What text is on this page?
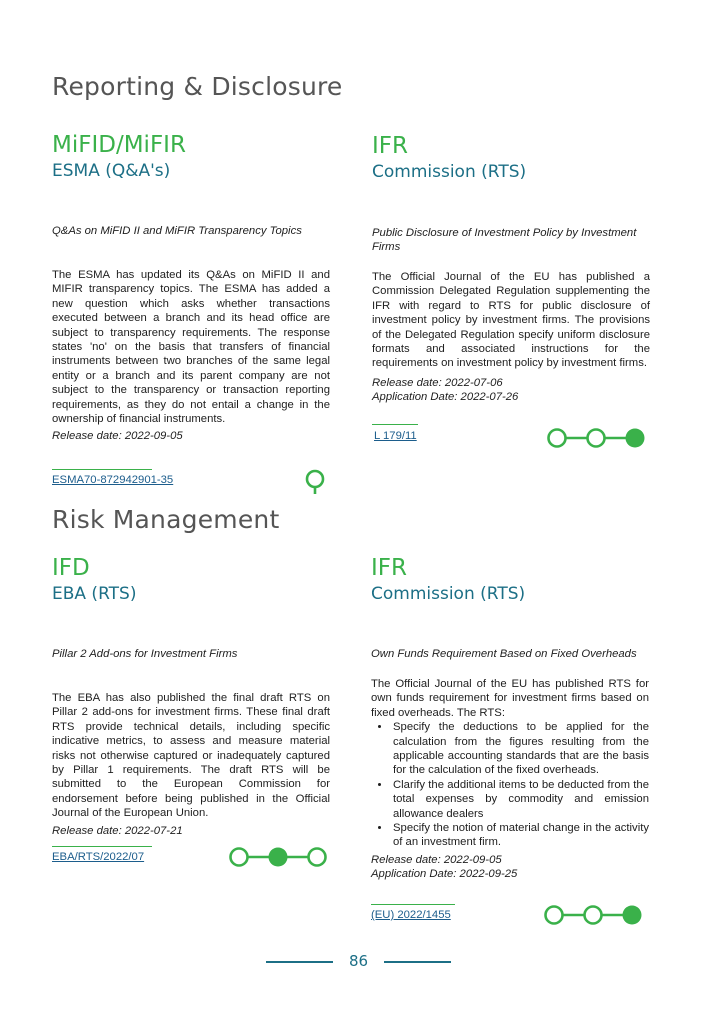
Reporting & Disclosure
MiFID/MiFIR
ESMA (Q&A's)
Q&As on MiFID II and MiFIR Transparency Topics
The ESMA has updated its Q&As on MiFID II and MIFIR transparency topics. The ESMA has added a new question which asks whether transactions executed between a branch and its head office are subject to transparency requirements. The response states 'no' on the basis that transfers of financial instruments between two branches of the same legal entity or a branch and its parent company are not subject to the transparency or transaction reporting requirements, as they do not entail a change in the ownership of financial instruments.
Release date: 2022-09-05
ESMA70-872942901-35
IFR
Commission (RTS)
Public Disclosure of Investment Policy by Investment Firms
The Official Journal of the EU has published a Commission Delegated Regulation supplementing the IFR with regard to RTS for public disclosure of investment policy by investment firms. The provisions of the Delegated Regulation specify uniform disclosure formats and associated instructions for the requirements on investment policy by investment firms.
Release date: 2022-07-06
Application Date: 2022-07-26
L 179/11
Risk Management
IFD
EBA (RTS)
Pillar 2 Add-ons for Investment Firms
The EBA has also published the final draft RTS on Pillar 2 add-ons for investment firms. These final draft RTS provide technical details, including specific indicative metrics, to assess and measure material risks not otherwise captured or inadequately captured by Pillar 1 requirements. The draft RTS will be submitted to the European Commission for endorsement before being published in the Official Journal of the European Union.
Release date: 2022-07-21
EBA/RTS/2022/07
IFR
Commission (RTS)
Own Funds Requirement Based on Fixed Overheads
The Official Journal of the EU has published RTS for own funds requirement for investment firms based on fixed overheads. The RTS:
• Specify the deductions to be applied for the calculation from the figures resulting from the applicable accounting standards that are the basis for the calculation of the fixed overheads.
• Clarify the additional items to be deducted from the total expenses by commodity and emission allowance dealers
• Specify the notion of material change in the activity of an investment firm.
Release date: 2022-09-05
Application Date: 2022-09-25
(EU) 2022/1455
86
